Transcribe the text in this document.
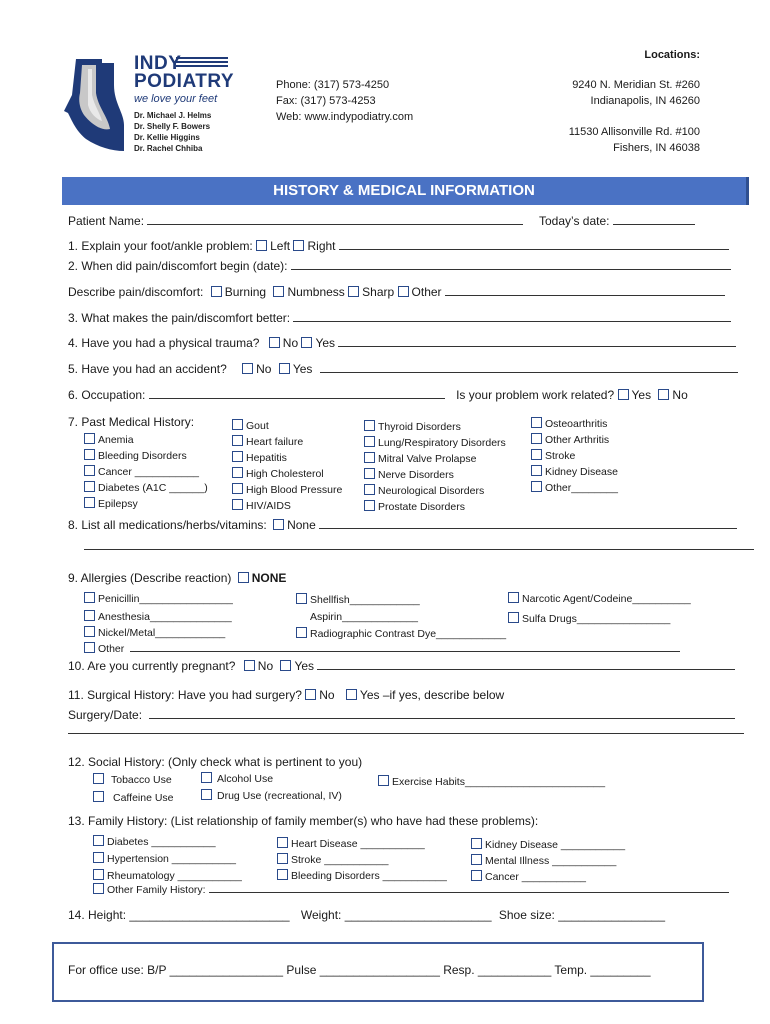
INDY
PODIATRY
we love your feet
Dr. Michael J. Helms
Dr. Shelly F. Bowers
Dr. Kellie Higgins
Dr. Rachel Chhiba
Phone: (317) 573-4250
Fax: (317) 573-4253
Web: www.indypodiatry.com
Locations:
9240 N. Meridian St. #260
Indianapolis, IN 46260
11530 Allisonville Rd. #100
Fishers, IN 46038
HISTORY & MEDICAL INFORMATION
Patient Name:	Today’s date:
1. Explain your foot/ankle problem: Left Right
2. When did pain/discomfort begin (date):
Describe pain/discomfort: Burning Numbness Sharp Other
3. What makes the pain/discomfort better:
4. Have you had a physical trauma? No Yes
5. Have you had an accident? No Yes
6. Occupation:	Is your problem work related? Yes No
7. Past Medical History:
Anemia
Bleeding Disorders
Cancer ___________
Diabetes (A1C ______)
Epilepsy
Gout
Heart failure
Hepatitis
High Cholesterol
High Blood Pressure
HIV/AIDS
Thyroid Disorders
Lung/Respiratory Disorders
Mitral Valve Prolapse
Nerve Disorders
Neurological Disorders
Prostate Disorders
Osteoarthritis
Other Arthritis
Stroke
Kidney Disease
Other________
8. List all medications/herbs/vitamins: None
9. Allergies (Describe reaction) NONE
Penicillin________________
Anesthesia______________
Nickel/Metal____________
Other
Shellfish____________
Aspirin_____________
Radiographic Contrast Dye____________
Narcotic Agent/Codeine__________
Sulfa Drugs________________
10. Are you currently pregnant? No Yes
11. Surgical History: Have you had surgery? No Yes –if yes, describe below
Surgery/Date:
12. Social History: (Only check what is pertinent to you)
Tobacco Use
Caffeine Use
Alcohol Use
Drug Use (recreational, IV)
Exercise Habits________________________
13. Family History: (List relationship of family member(s) who have had these problems):
Diabetes ___________
Hypertension ___________
Rheumatology ___________
Heart Disease ___________
Stroke ___________
Bleeding Disorders ___________
Kidney Disease ___________
Mental Illness ___________
Cancer ___________
Other Family History:
14. Height: ________________________ Weight: ______________________ Shoe size: ________________
For office use: B/P _________________ Pulse __________________ Resp. ___________ Temp. _________
